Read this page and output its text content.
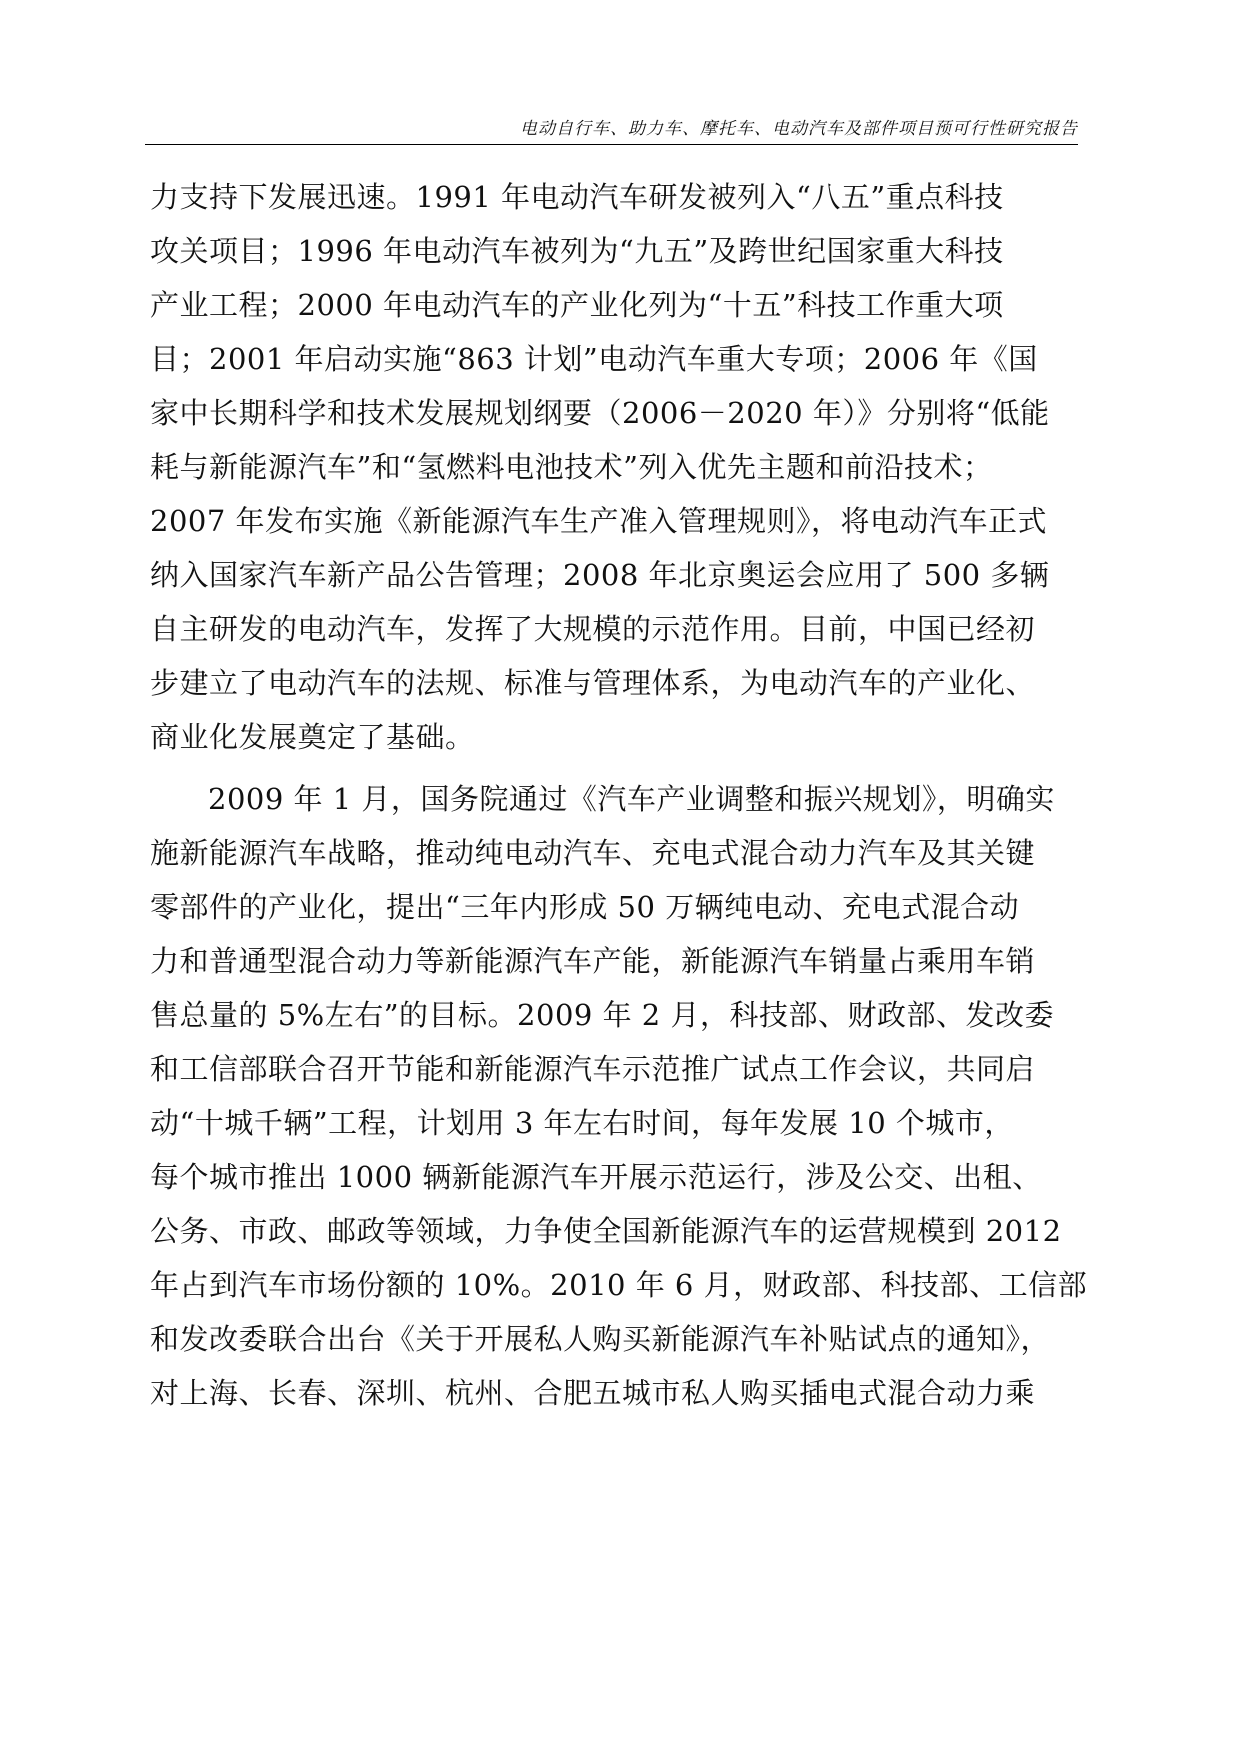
电动自行车、助力车、摩托车、电动汽车及部件项目预可行性研究报告

力支持下发展迅速。1991 年电动汽车研发被列入“八五”重点科技
攻关项目；1996 年电动汽车被列为“九五”及跨世纪国家重大科技
产业工程；2000 年电动汽车的产业化列为“十五”科技工作重大项
目；2001 年启动实施“863 计划”电动汽车重大专项；2006 年《国
家中长期科学和技术发展规划纲要（2006－2020 年）》分别将“低能
耗与新能源汽车”和“氢燃料电池技术”列入优先主题和前沿技术；
2007 年发布实施《新能源汽车生产准入管理规则》，将电动汽车正式
纳入国家汽车新产品公告管理；2008 年北京奥运会应用了 500 多辆
自主研发的电动汽车，发挥了大规模的示范作用。目前，中国已经初
步建立了电动汽车的法规、标准与管理体系，为电动汽车的产业化、
商业化发展奠定了基础。

2009 年 1 月，国务院通过《汽车产业调整和振兴规划》，明确实
施新能源汽车战略，推动纯电动汽车、充电式混合动力汽车及其关键
零部件的产业化，提出“三年内形成 50 万辆纯电动、充电式混合动
力和普通型混合动力等新能源汽车产能，新能源汽车销量占乘用车销
售总量的 5%左右”的目标。2009 年 2 月，科技部、财政部、发改委
和工信部联合召开节能和新能源汽车示范推广试点工作会议，共同启
动“十城千辆”工程，计划用 3 年左右时间，每年发展 10 个城市，
每个城市推出 1000 辆新能源汽车开展示范运行，涉及公交、出租、
公务、市政、邮政等领域，力争使全国新能源汽车的运营规模到 2012
年占到汽车市场份额的 10%。2010 年 6 月，财政部、科技部、工信部
和发改委联合出台《关于开展私人购买新能源汽车补贴试点的通知》，
对上海、长春、深圳、杭州、合肥五城市私人购买插电式混合动力乘
